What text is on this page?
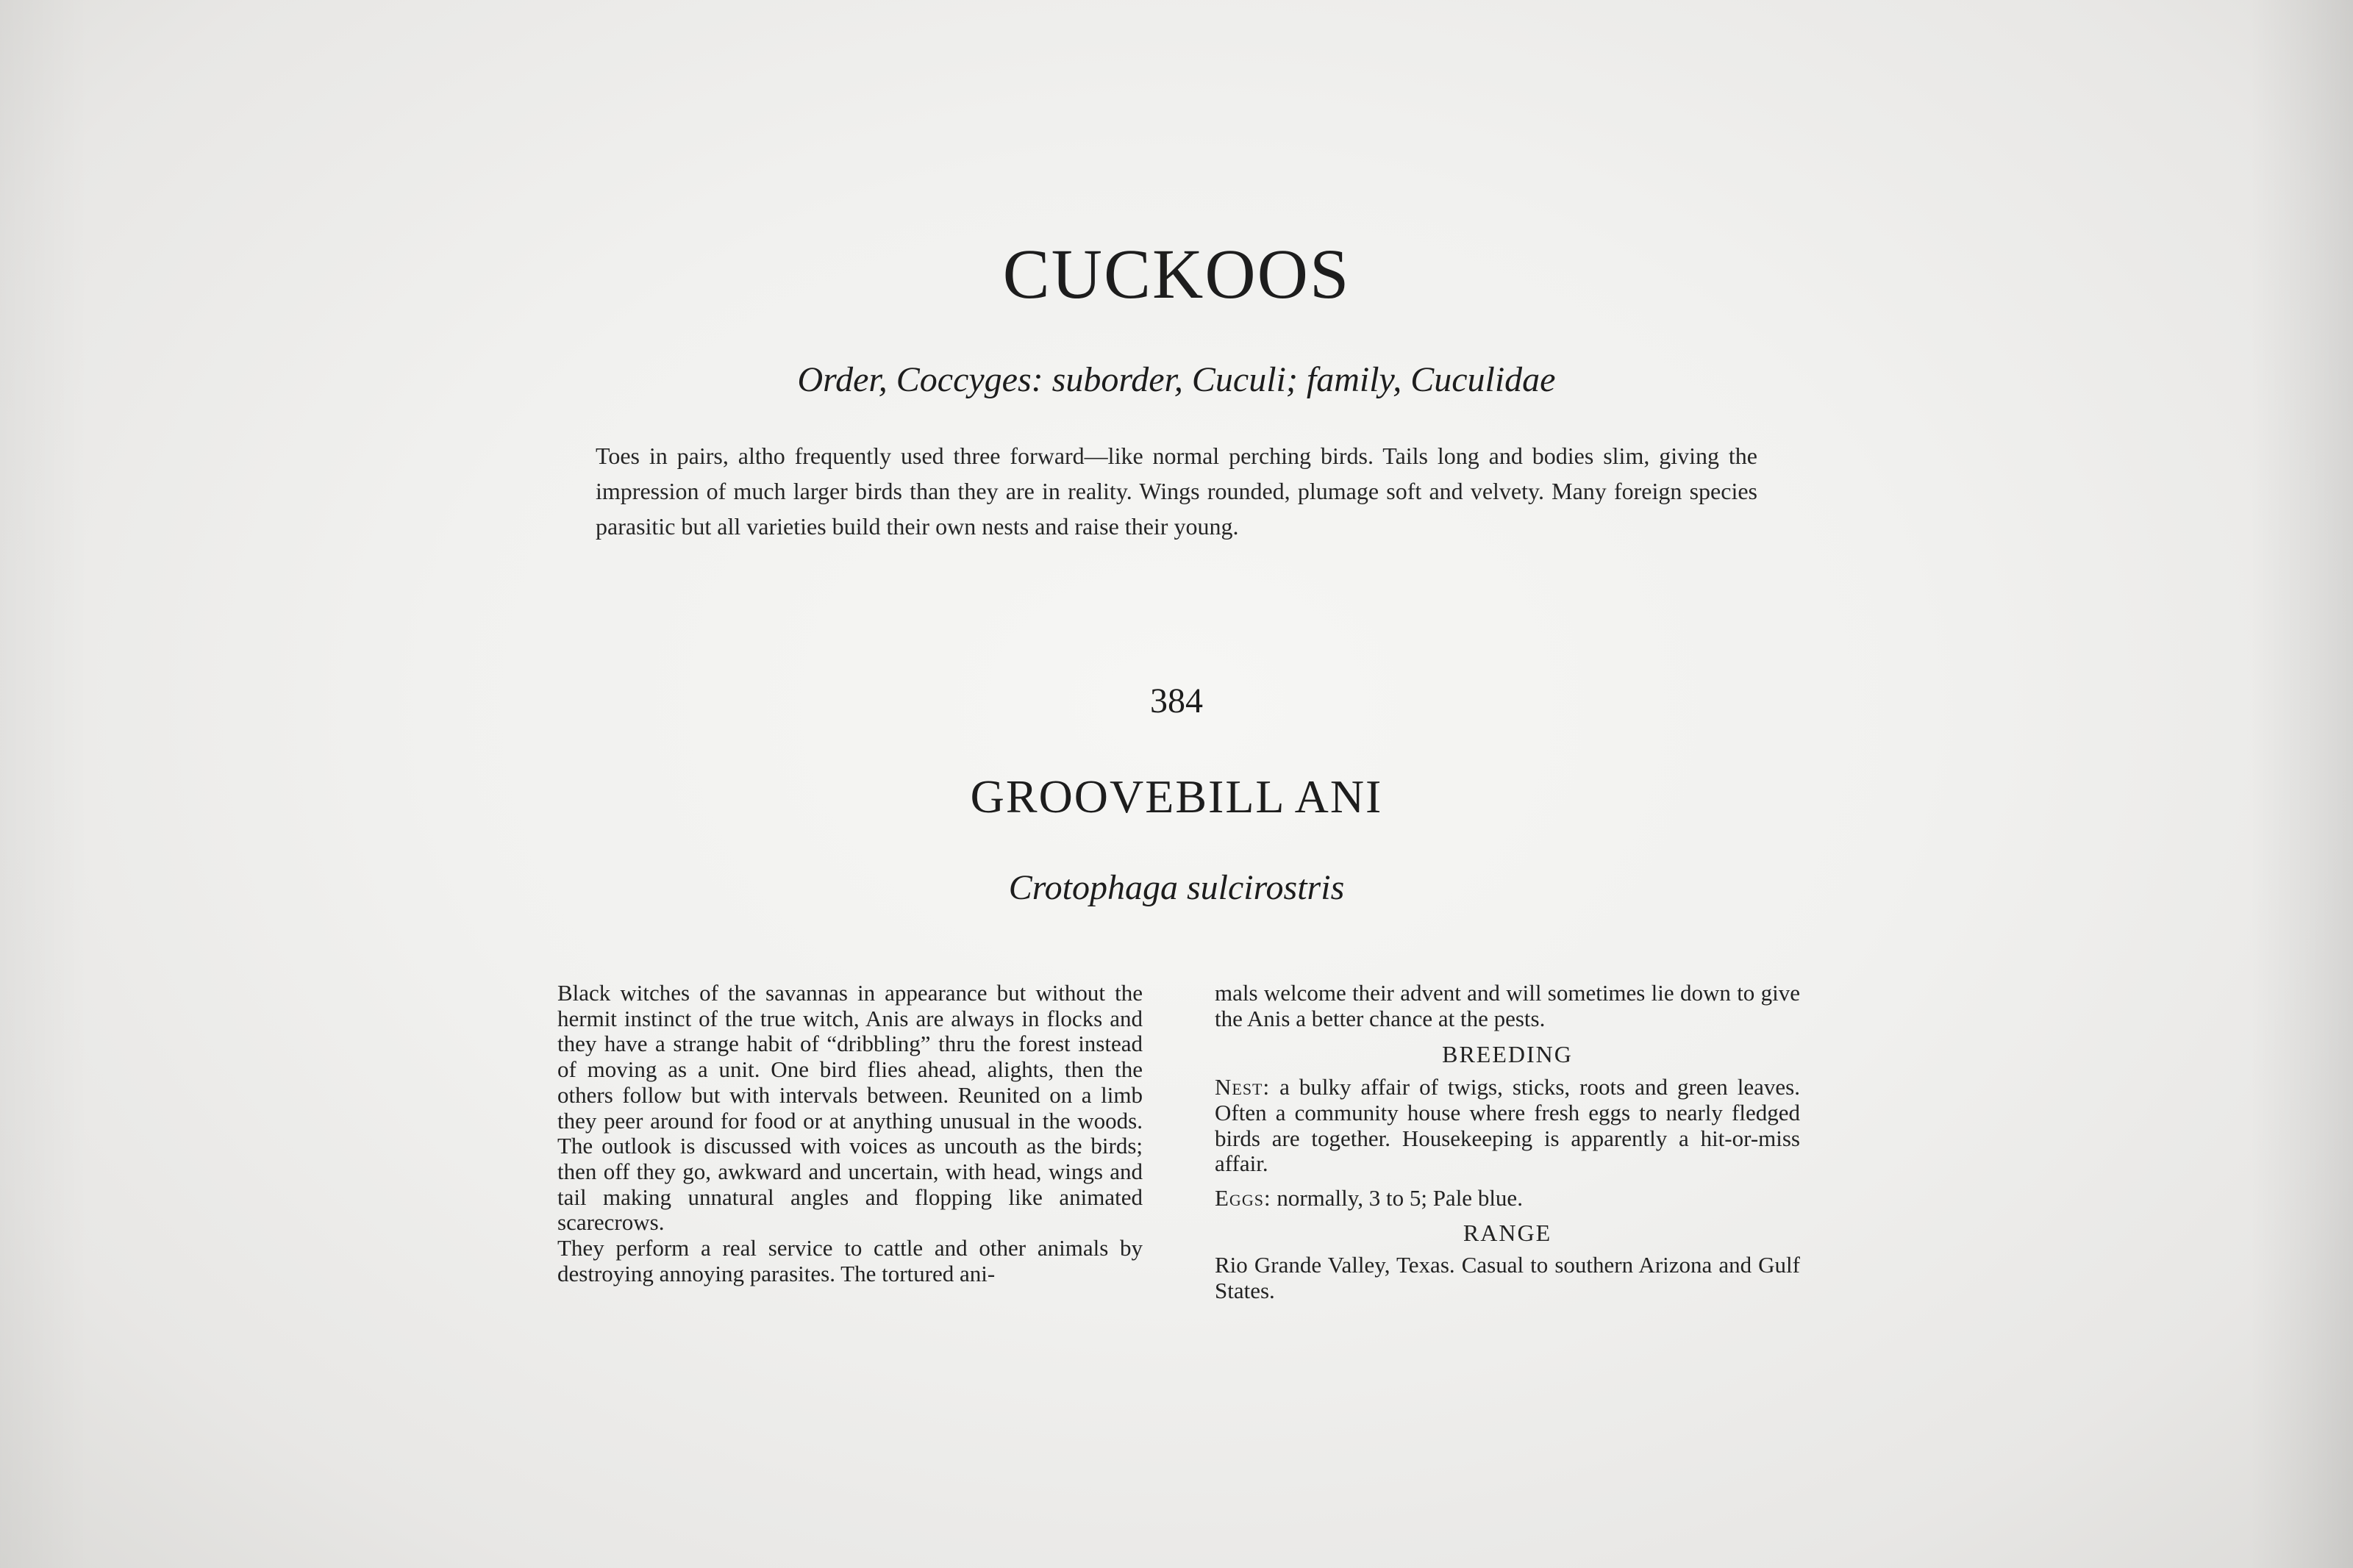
CUCKOOS
Order, Coccyges: suborder, Cuculi; family, Cuculidae

Toes in pairs, altho frequently used three forward—like normal perching birds. Tails long and bodies slim, giving the impression of much larger birds than they are in reality. Wings rounded, plumage soft and velvety. Many foreign species parasitic but all varieties build their own nests and raise their young.

384
GROOVEBILL ANI
Crotophaga sulcirostris

Black witches of the savannas in appearance but without the hermit instinct of the true witch, Anis are always in flocks and they have a strange habit of “dribbling” thru the forest instead of moving as a unit. One bird flies ahead, alights, then the others follow but with intervals between. Reunited on a limb they peer around for food or at anything unusual in the woods. The outlook is discussed with voices as uncouth as the birds; then off they go, awkward and uncertain, with head, wings and tail making unnatural angles and flopping like animated scarecrows.

They perform a real service to cattle and other animals by destroying annoying parasites. The tortured ani-

mals welcome their advent and will sometimes lie down to give the Anis a better chance at the pests.

BREEDING

Nest: a bulky affair of twigs, sticks, roots and green leaves. Often a community house where fresh eggs to nearly fledged birds are together. Housekeeping is apparently a hit-or-miss affair.

Eggs: normally, 3 to 5; Pale blue.

RANGE

Rio Grande Valley, Texas. Casual to southern Arizona and Gulf States.
